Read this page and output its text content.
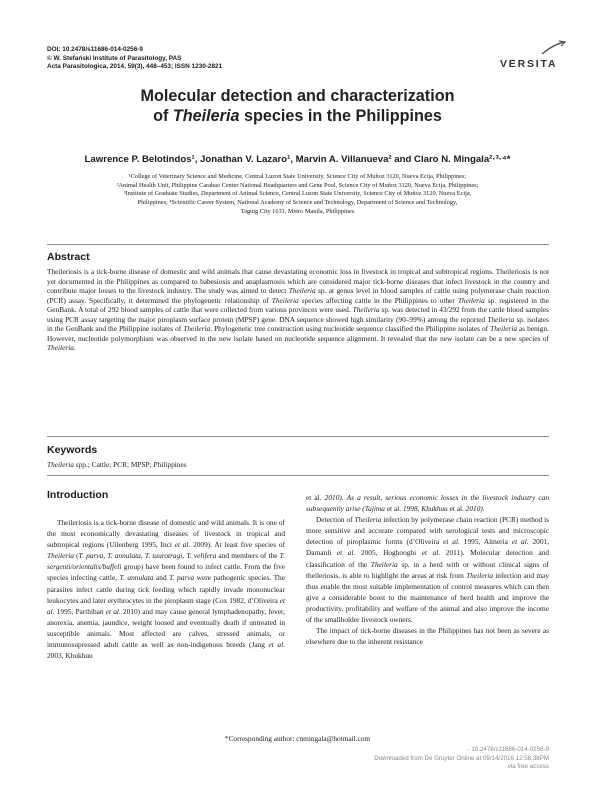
DOI: 10.2478/s11686-014-0256-9
© W. Stefański Institute of Parasitology, PAS
Acta Parasitologica, 2014, 59(3), 448–453; ISSN 1230-2821	VERSITA
Molecular detection and characterization
of Theileria species in the Philippines
Lawrence P. Belotindos¹, Jonathan V. Lazaro¹, Marvin A. Villanueva² and Claro N. Mingala²·³·⁴*
¹College of Veterinary Science and Medicine, Central Luzon State University, Science City of Muñoz 3120, Nueva Ecija, Philippines;
²Animal Health Unit, Philippine Carabao Center National Headquarters and Gene Pool, Science City of Muñoz 3120, Nueva Ecija, Philippines;
³Institute of Graduate Studies, Department of Animal Science, Central Luzon State University, Science City of Muñoz 3120, Nueva Ecija,
Philippines; ⁴Scientific Career System, National Academy of Science and Technology, Department of Science and Technology,
Taguig City 1631, Metro Manila, Philippines
Abstract
Theileriosis is a tick-borne disease of domestic and wild animals that cause devastating economic loss in livestock in tropical and subtropical regions. Theileriosis is not yet documented in the Philippines as compared to babesiosis and anaplasmosis which are considered major tick-borne diseases that infect livestock in the country and contribute major losses to the livestock industry. The study was aimed to detect Theileria sp. at genus level in blood samples of cattle using polymerase chain reaction (PCR) assay. Specifically, it determined the phylogenetic relationship of Theileria species affecting cattle in the Philippines to other Theileria sp. registered in the GenBank. A total of 292 blood samples of cattle that were collected from various provinces were used. Theileria sp. was detected in 43/292 from the cattle blood samples using PCR assay targeting the major piroplasm surface protein (MPSP) gene. DNA sequence showed high similarity (90–99%) among the reported Theileria sp. isolates in the GenBank and the Philippine isolates of Theileria. Phylogenetic tree construction using nucleotide sequence classified the Philippine isolates of Theileria as benign. However, nucleotide polymorphism was observed in the new isolate based on nucleotide sequence alignment. It revealed that the new isolate can be a new species of Theileria.
Keywords
Theileria spp.; Cattle; PCR; MPSP; Philippines
Introduction
Theileriosis is a tick-borne disease of domestic and wild animals. It is one of the most economically devastating diseases of livestock in tropical and subtropical regions (Uilenberg 1995, Inci et al. 2009). At least five species of Theileria (T. parva, T. annulata, T. taurotragi, T. velifera and members of the T. sergenti/orientalis/buffeli group) have been found to infect cattle. From the five species infecting cattle, T. annulata and T. parva were pathogenic species. The parasites infect cattle during tick feeding which rapidly invade mononuclear leukocytes and later erythrocytes in the piroplasm stage (Cox 1982, d’Oliveira et al. 1995, Parthiban et al. 2010) and may cause general lymphadenopathy, fever, anorexia, anemia, jaundice, weight loosed and eventually death if untreated in susceptible animals. Most affected are calves, stressed animals, or immunosupressed adult cattle as well as non-indigenous breeds (Jang et al. 2003, Khukhuu

et al. 2010). As a result, serious economic losses in the livestock industry can subsequently arise (Tajima et al. 1998, Khukhuu et al. 2010).

Detection of Theileria infection by polymerase chain reaction (PCR) method is more sensitive and accurate compared with serological tests and microscopic detection of piroplasmic forms (d’Oliveira et al. 1995, Almeria et al. 2001, Damanli et al. 2005, Hoghooghi et al. 2011). Molecular detection and classification of the Theileria sp. in a herd with or without clinical signs of theileriosis, is able to highlight the areas at risk from Theileria infection and may thus enable the most suitable implementation of control measures which can then give a considerable boost to the maintenance of herd health and improve the productivity, profitability and welfare of the animal and also improve the income of the smallholder livestock owners.

The impact of tick-borne diseases in the Philippines has not been as severe as elsewhere due to the inherent resistance

*Corresponding author: cnmingala@hotmail.com
- 10.2478/s11686-014-0256-9
Downloaded from De Gruyter Online at 09/14/2016 12:56:38PM
via free access
